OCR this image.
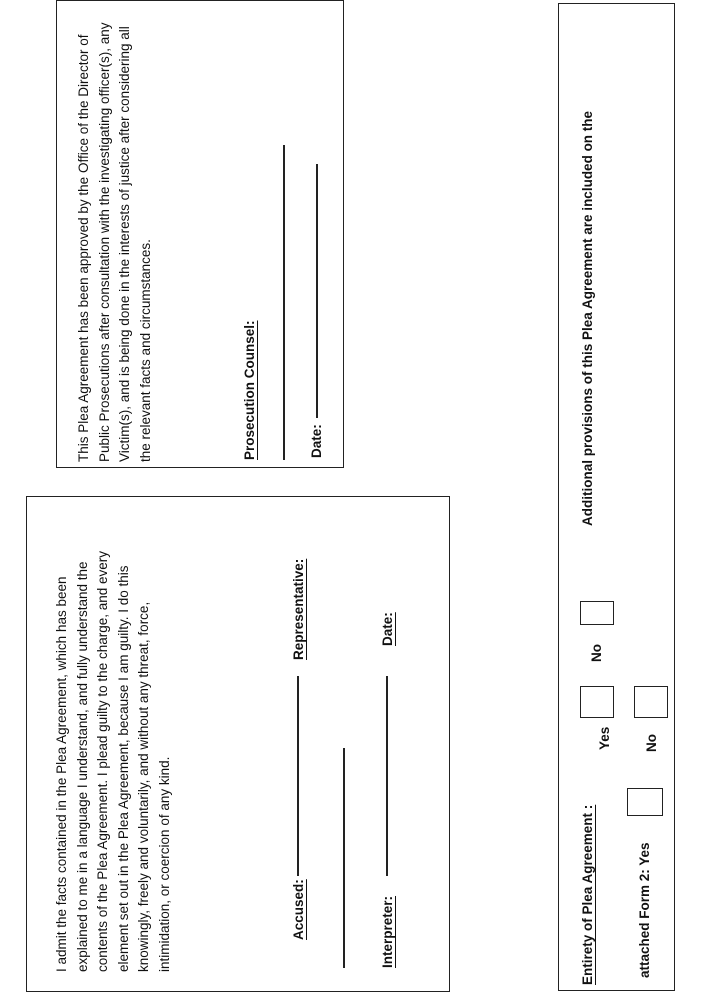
I admit the facts contained in the Plea Agreement, which has been explained to me in a language I understand, and fully understand the contents of the Plea Agreement. I plead guilty to the charge, and every element set out in the Plea Agreement, because I am guilty. I do this knowingly, freely and voluntarily, and without any threat, force, intimidation, or coercion of any kind.	Accused:
Representative:
Interpreter:
Date:
This Plea Agreement has been approved by the Office of the Director of Public Prosecutions after consultation with the investigating officer(s), any Victim(s), and is being done in the interests of justice after considering all the relevant facts and circumstances.	Prosecution Counsel:	Date:
Entirety of Plea Agreement :
Yes
No
attached Form 2: Yes
No
Additional provisions of this Plea Agreement are included on the
